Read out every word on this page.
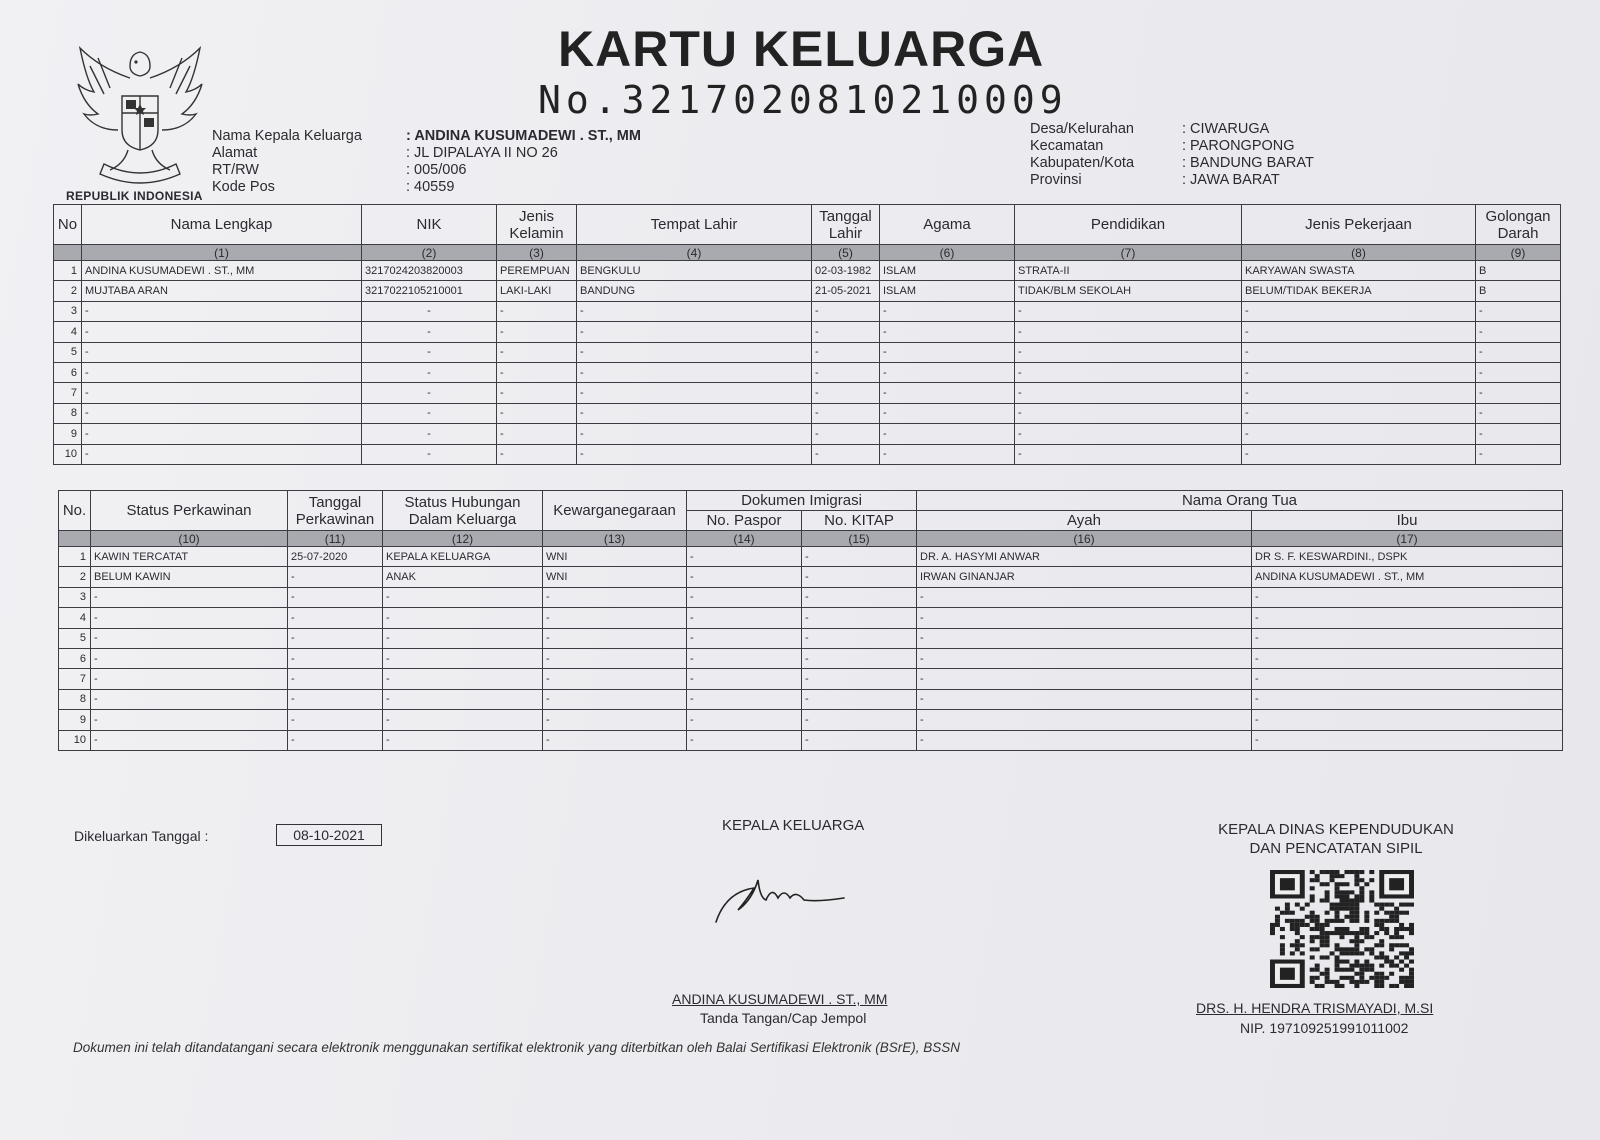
REPUBLIK INDONESIA
KARTU KELUARGA
No.3217020810210009
Nama Kepala Keluarga	: ANDINA KUSUMADEWI . ST., MM
Alamat	: JL DIPALAYA II NO 26
RT/RW	: 005/006
Kode Pos	: 40559
Desa/Kelurahan	: CIWARUGA
Kecamatan	: PARONGPONG
Kabupaten/Kota	: BANDUNG BARAT
Provinsi	: JAWA BARAT
No	Nama Lengkap	NIK	Jenis Kelamin	Tempat Lahir	Tanggal Lahir	Agama	Pendidikan	Jenis Pekerjaan	Golongan Darah
	(1)	(2)	(3)	(4)	(5)	(6)	(7)	(8)	(9)
1	ANDINA KUSUMADEWI . ST., MM	3217024203820003	PEREMPUAN	BENGKULU	02-03-1982	ISLAM	STRATA-II	KARYAWAN SWASTA	B
2	MUJTABA ARAN	3217022105210001	LAKI-LAKI	BANDUNG	21-05-2021	ISLAM	TIDAK/BLM SEKOLAH	BELUM/TIDAK BEKERJA	B
3	-	-	-	-	-	-	-	-	-
4	-	-	-	-	-	-	-	-	-
5	-	-	-	-	-	-	-	-	-
6	-	-	-	-	-	-	-	-	-
7	-	-	-	-	-	-	-	-	-
8	-	-	-	-	-	-	-	-	-
9	-	-	-	-	-	-	-	-	-
10	-	-	-	-	-	-	-	-	-
No.	Status Perkawinan	Tanggal Perkawinan	Status Hubungan Dalam Keluarga	Kewarganegaraan	Dokumen Imigrasi		Nama Orang Tua	
					No. Paspor	No. KITAP	Ayah	Ibu
	(10)	(11)	(12)	(13)	(14)	(15)	(16)	(17)
1	KAWIN TERCATAT	25-07-2020	KEPALA KELUARGA	WNI	-	-	DR. A. HASYMI ANWAR	DR S. F. KESWARDINI., DSPK
2	BELUM KAWIN	-	ANAK	WNI	-	-	IRWAN GINANJAR	ANDINA KUSUMADEWI . ST., MM
3	-	-	-	-	-	-	-	-
4	-	-	-	-	-	-	-	-
5	-	-	-	-	-	-	-	-
6	-	-	-	-	-	-	-	-
7	-	-	-	-	-	-	-	-
8	-	-	-	-	-	-	-	-
9	-	-	-	-	-	-	-	-
10	-	-	-	-	-	-	-	-
Dikeluarkan Tanggal :	08-10-2021
KEPALA KELUARGA
ANDINA KUSUMADEWI . ST., MM
Tanda Tangan/Cap Jempol
KEPALA DINAS KEPENDUDUKAN
DAN PENCATATAN SIPIL
DRS. H. HENDRA TRISMAYADI, M.SI
NIP. 197109251991011002
Dokumen ini telah ditandatangani secara elektronik menggunakan sertifikat elektronik yang diterbitkan oleh Balai Sertifikasi Elektronik (BSrE), BSSN
